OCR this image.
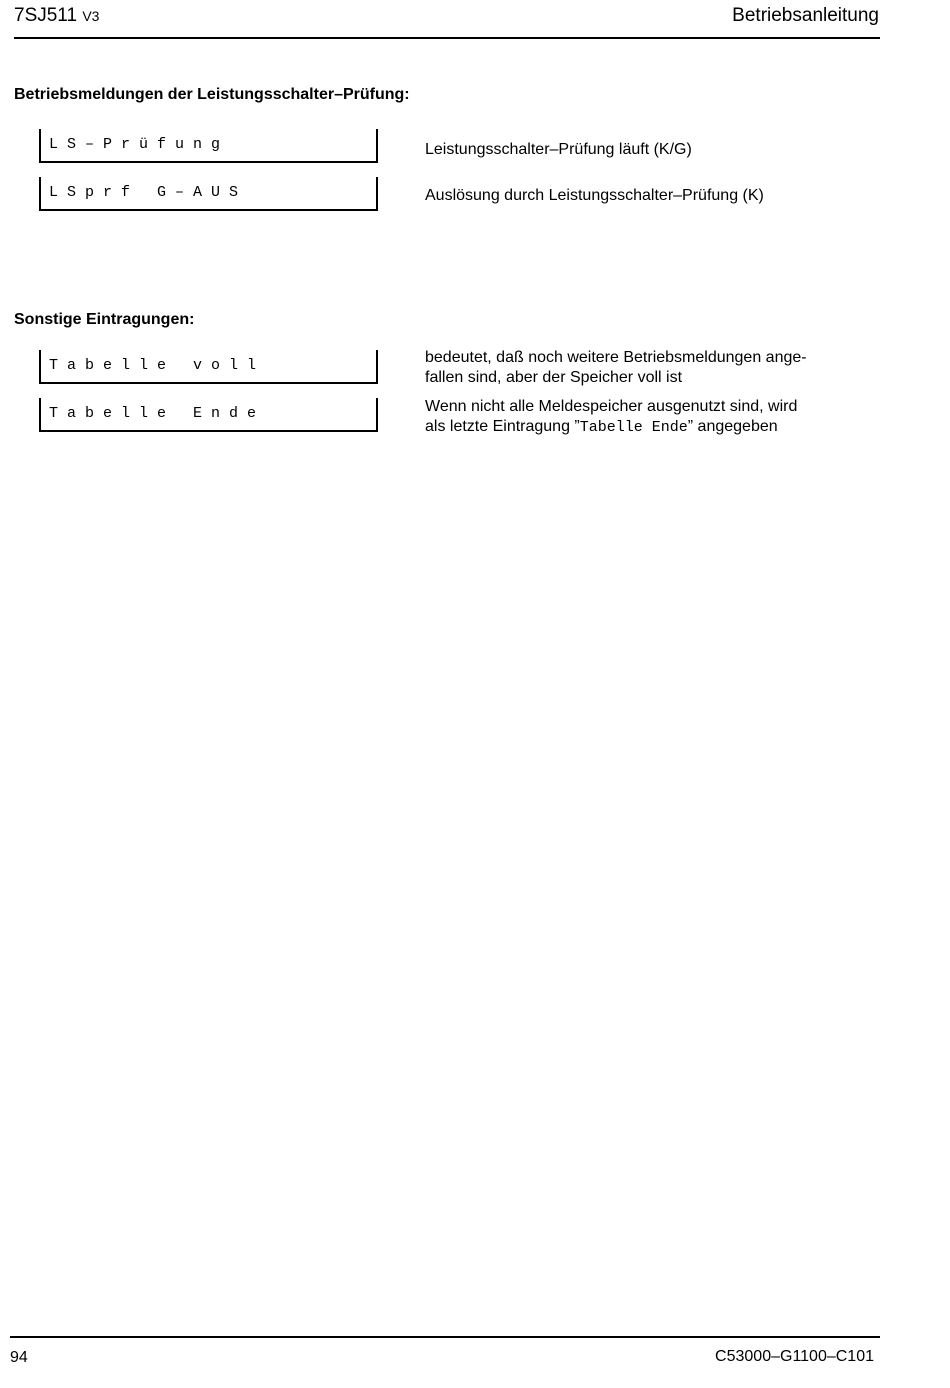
7SJ511 V3	Betriebsanleitung
Betriebsmeldungen der Leistungsschalter–Prüfung:
L S – P r ü f u n g	Leistungsschalter–Prüfung läuft (K/G)
L S p r f   G – A U S	Auslösung durch Leistungsschalter–Prüfung (K)
Sonstige Eintragungen:
T a b e l l e   v o l l	bedeutet, daß noch weitere Betriebsmeldungen ange-
fallen sind, aber der Speicher voll ist
T a b e l l e   E n d e	Wenn nicht alle Meldespeicher ausgenutzt sind, wird
als letzte Eintragung ”Tabelle Ende” angegeben
94	C53000–G1100–C101
